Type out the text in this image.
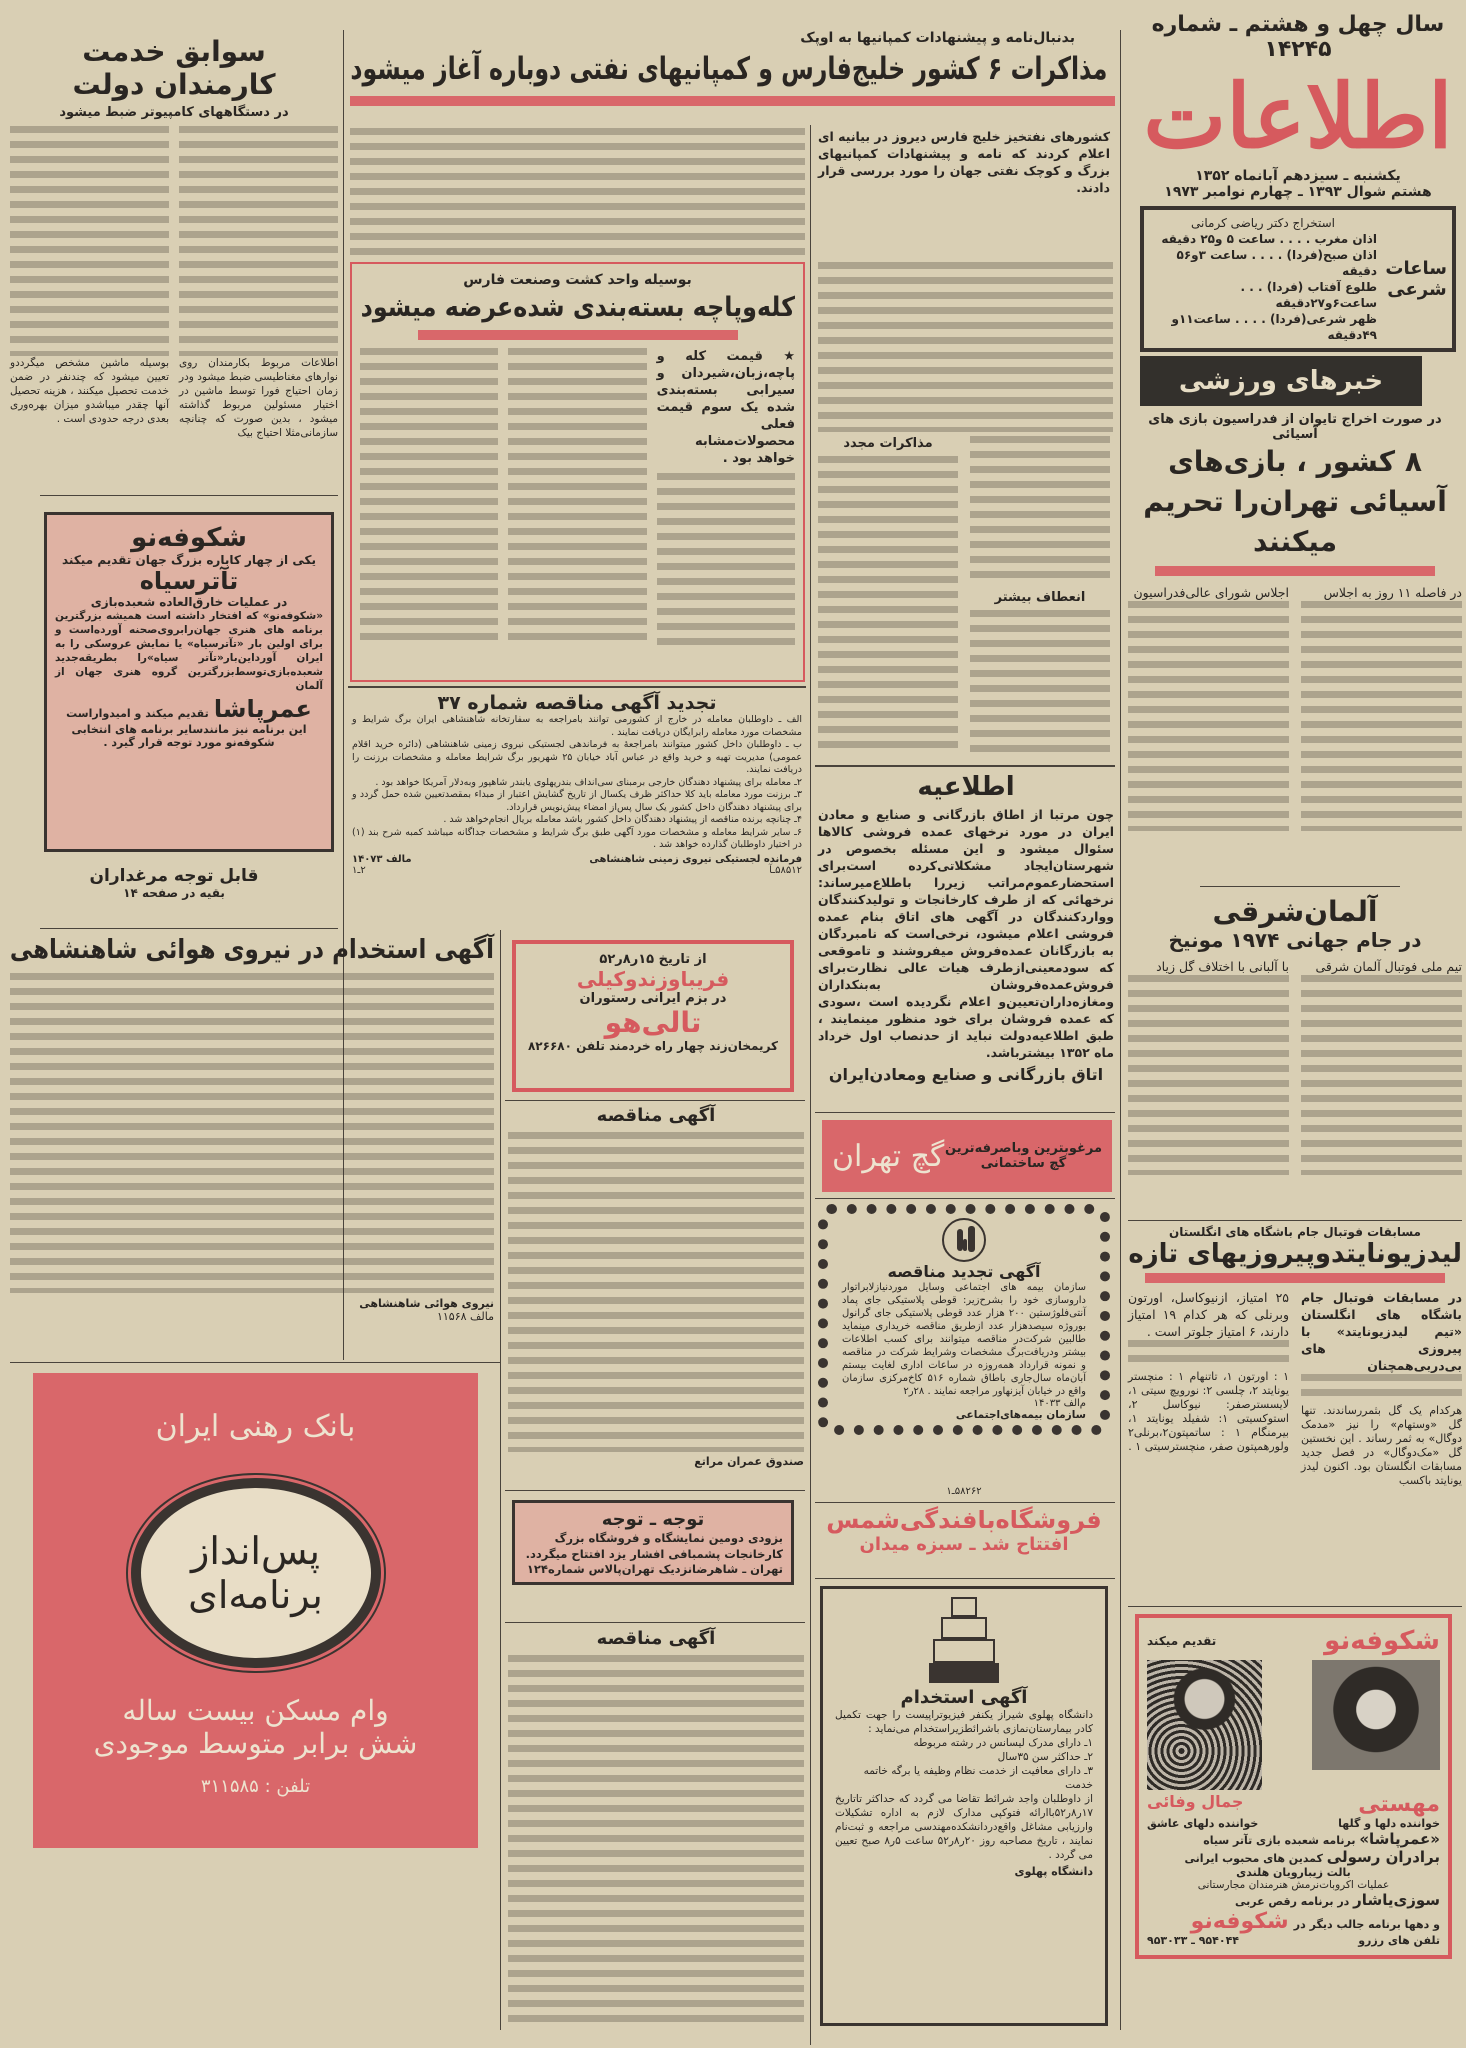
سال چهل و هشتم ـ شماره ۱۴۲۴۵
اطلاعات
یکشنبه ـ سیزدهم آبانماه ۱۳۵۲
هشتم شوال ۱۳۹۳ ـ چهارم نوامبر ۱۹۷۳
ساعات شرعی
استخراج دکتر ریاضی کرمانی
اذان مغرب . . . . ساعت ۵ و۲۵ دقیقه
اذان صبح(فردا) . . . . ساعت ۳و۵۶ دقیقه
طلوع آفتاب (فردا) . . . ساعت۶و۲۷دقیقه
ظهر شرعی(فردا) . . . . ساعت۱۱و ۴۹دقیقه
بدنبال‌نامه و پیشنهادات کمپانیها به اوپک
مذاکرات ۶ کشور خلیج‌فارس و کمپانیهای نفتی دوباره آغاز میشود
کشورهای نفتخیز خلیج فارس دیروز در بیانیه ای اعلام کردند که نامه و پیشنهادات کمپانیهای بزرگ و کوچک نفتی جهان را مورد بررسی قرار دادند.
مذاکرات مجدد
انعطاف بیشتر
بوسیله واحد کشت وصنعت فارس
کله‌وپاچه بسته‌بندی شده‌عرضه میشود
★ قیمت کله و پاچه،زبان،شیردان و سیرابی بسته‌بندی شده یک سوم قیمت فعلی محصولات‌مشابه خواهد بود .
تجدید آگهی مناقصه شماره ۳۷
الف ـ داوطلبان معامله در خارج از کشورمی توانند بامراجعه به سفارتخانه شاهنشاهی ایران برگ شرایط و مشخصات مورد معامله رابرایگان دریافت نمایند .
ب ـ داوطلبان داخل کشور میتوانند بامراجعهٔ به فرماندهی لجستیکی نیروی زمینی شاهنشاهی (دائره خرید اقلام عمومی) مدیریت تهیه و خرید واقع در عباس آباد خیابان ۲۵ شهریور برگ شرایط معامله و مشخصات برزنت را دریافت نمایند.
۲ـ معامله برای پیشنهاد دهندگان خارجی برمبنای سی‌انداف بندرپهلوی یابندر شاهپور وبه‌دلار آمریکا خواهد بود .
۳ـ برزنت مورد معامله باید کلا حداکثر ظرف یکسال از تاریخ گشایش اعتبار از مبداء بمقصدتعیین شده حمل گردد و برای پیشنهاد دهندگان داخل کشور یک سال پس‌از امضاء پیش‌نویس قرارداد.
۴ـ چنانچه برنده مناقصه از پیشنهاد دهندگان داخل کشور باشد معامله بریال انجام‌خواهد شد .
۶ـ سایر شرایط معامله و مشخصات مورد آگهی طبق برگ شرایط و مشخصات جداگانه میباشد کمبه شرح بند (۱) در اختیار داوطلبان گذارده خواهد شد .
فرمانده لجستیکی نیروی زمینی شاهنشاهی
مالف ۱۴۰۷۳
۵۸۵۱۲ـآ
۲ـ۱
سوابق خدمت
کارمندان دولت
در دستگاههای کامپیوتر ضبط میشود
اطلاعات مربوط بکارمندان روی نوارهای مغناطیسی ضبط میشود ودر زمان احتیاج فورا توسط ماشین در اختیار مسئولین مربوط گذاشته میشود ، بدین صورت که چنانچه سازمانی‌مثلا احتیاج بیک
بوسیله ماشین مشخص میگرددو تعیین میشود که چندنفر در ضمن خدمت تحصیل میکنند ، هزینه تحصیل آنها چقدر میباشدو میزان بهره‌وری بعدی درجه حدودی است .
شکوفه‌نو
یکی از چهار کاباره بزرگ جهان تقدیم میکند
تآترسیاه
در عملیات خارق‌العاده شعبده‌بازی
«شکوفه‌نو» که افتخار داشته است همیشه بزرگترین برنامه های هنری جهان‌رابروی‌صحنه آورده‌است و برای اولین بار «تآترسیاه» یا نمایش عروسکی را به ایران آورداین‌بار«تآتر سیاه»را بطریقه‌جدید شعبده‌بازی‌توسط‌بزرگترین گروه هنری جهان از آلمان
عمرپاشا تقدیم میکند و امیدواراست
این برنامه نیز مانندسایر برنامه های انتخابی شکوفه‌نو مورد توجه قرار گیرد .
قابل توجه مرغداران
بقیه در صفحه ۱۴
آگهی استخدام در نیروی هوائی شاهنشاهی
نیروی هوائی شاهنشاهی
مالف ۱۱۵۶۸
بانک رهنی ایران
پس‌انداز
برنامه‌ای
وام مسکن بیست ساله
شش برابر متوسط موجودی
تلفن : ۳۱۱۵۸۵
از تاریخ ۱۵ر۸ر۵۲
فریباوزندوکیلی
در بزم ایرانی رستوران
تالی‌هو
کریمخان‌زند چهار راه خردمند تلفن ۸۲۶۶۸۰
آگهی مناقصه
صندوق عمران مراتع
توجه ـ توجه
بزودی دومین نمایشگاه و فروشگاه بزرگ کارخانجات پشمبافی افشار یزد افتتاح میگردد.
تهران ـ شاهرضانزدیک تهران‌پالاس شماره۱۲۴
آگهی مناقصه
اطلاعیه
چون مرتبا از اطاق بازرگانی و صنایع و معادن ایران در مورد نرخهای عمده فروشی کالاها سئوال میشود و این مسئله بخصوص در شهرستان‌ایجاد مشکلاتی‌کرده است‌برای استحضارعموم‌مراتب زیررا باطلاع‌میرساند: نرخهائی که از طرف کارخانجات و تولیدکنندگان وواردکنندگان در آگهی های اتاق بنام عمده فروشی اعلام میشود، نرخی‌است که نامبردگان به بازرگانان عمده‌فروش میفروشند و تاموقعی که سودمعینی‌ازطرف هیات عالی نظارت‌برای فروش‌عمده‌فروشان به‌بنکداران ومغازه‌داران‌تعیین‌و اعلام نگردیده است ،سودی که عمده فروشان برای خود منظور مینمایند ، طبق اطلاعیه‌دولت نباید از حدنصاب اول خرداد ماه ۱۳۵۲ بیشترباشد.
اتاق بازرگانی و صنایع ومعادن‌ایران
مرغوبترین وباصرفه‌ترین
گچ ساختمانی
گچ تهران
آگهی تجدید مناقصه
سازمان بیمه های اجتماعی وسایل موردنیازلابراتوار داروسازی خود را بشرح‌زیر: قوطی پلاستیکی جای پماد آنتی‌فلوژستین ۲۰۰ هزار عدد قوطی پلاستیکی جای گرانول بوروژه سیصدهزار عدد ازطریق مناقصه خریداری مینماید طالبین شرکت‌در مناقصه میتوانند برای کسب اطلاعات بیشتر ودریافت‌برگ مشخصات وشرایط شرکت در مناقصه و نمونه قرارداد همه‌روزه در ساعات اداری لغایت بیستم آبان‌ماه سال‌جاری باطاق شماره ۵۱۶ کاخ‌مرکزی سازمان واقع در خیابان آیزنهاور مراجعه نمایند . ۲۸ر۲
م‌الف ۱۴۰۳۳
سازمان بیمه‌های‌اجتماعی
۵۸۲۶۲ـ۱
فروشگاه‌بافندگی‌شمس
افتتاح شد ـ سبزه میدان
آگهی استخدام
دانشگاه پهلوی شیراز یکنفر فیزیوتراپیست را جهت تکمیل کادر بیمارستان‌نمازی باشرائطزیراستخدام می‌نماید :
۱ـ دارای مدرک لیسانس در رشته مربوطه
۲ـ حداکثر سن ۳۵سال
۳ـ دارای معافیت از خدمت نظام وظیفه یا برگه خاتمه خدمت
از داوطلبان واجد شرائط تقاضا می گردد که حداکثر تاتاریخ ۱۷ر۸ر۵۲باارائه فتوکپی مدارک لازم به اداره تشکیلات وارزیابی مشاغل واقع‌دردانشکده‌مهندسی مراجعه و ثبت‌نام نمایند ، تاریخ مصاحبه روز ۲۰ر۸ر۵۲ ساعت ۵ر۸ صبح تعیین می گردد .
دانشگاه پهلوی
خبرهای ورزشی
در صورت اخراج تایوان از فدراسیون بازی های آسیائی
۸ کشور ، بازی‌های آسیائی تهران‌را تحریم میکنند
در فاصله ۱۱ روز به اجلاس
اجلاس شورای عالی‌فدراسیون
آلمان‌شرقی
در جام جهانی ۱۹۷۴ مونیخ
تیم ملی فوتبال آلمان شرقی
با آلبانی با اختلاف گل زیاد
مسابقات فوتبال جام باشگاه های انگلستان
لیدزیونایتدوپیروزیهای تازه
در مسابقات فوتبال جام باشگاه های انگلستان «تیم لیدزیونایتد» با پیروزی های بی‌دربی‌همچنان
هرکدام یک گل بثمررساندند. تنها گل «وستهام» را نیز «مدمک دوگال» به ثمر رساند . این نخستین گل «مک‌دوگال» در فصل جدید مسابقات انگلستان بود. اکنون لیدز یونایتد باکسب
۲۵ امتیاز، ازنیوکاسل، اورتون وبرنلی که هر کدام ۱۹ امتیاز دارند، ۶ امتیاز جلوتر است .
۱ : اورتون ۱، تاتنهام ۱ : منچستر یونایتد ۲، چلسی ۲: نورویچ سیتی ۱، لایسسترصفر: نیوکاسل ۲، استوکسیتی ۱: شفیلد یونایتد ۱، بیرمنگام ۱ : ساتمپتون۲،برنلی۲ ولورهمپتون صفر، منچسترسیتی ۱ .
شکوفه‌نو
تقدیم میکند
مهستی
جمال وفائی
خواننده دلها و گلها
خواننده دلهای عاشق
«عمرپاشا» برنامه شعبده بازی تآتر سیاه
برادران رسولی کمدین های محبوب ایرانی
بالت زیبارویان هلندی
عملیات اکروبات‌نرمش هنرمندان مجارستانی
سوزی‌یاشار در برنامه رقص عربی
و دهها برنامه جالب دیگر در شکوفه‌نو
تلفن های رزرو
۹۵۴۰۴۴ ـ ۹۵۳۰۳۳
